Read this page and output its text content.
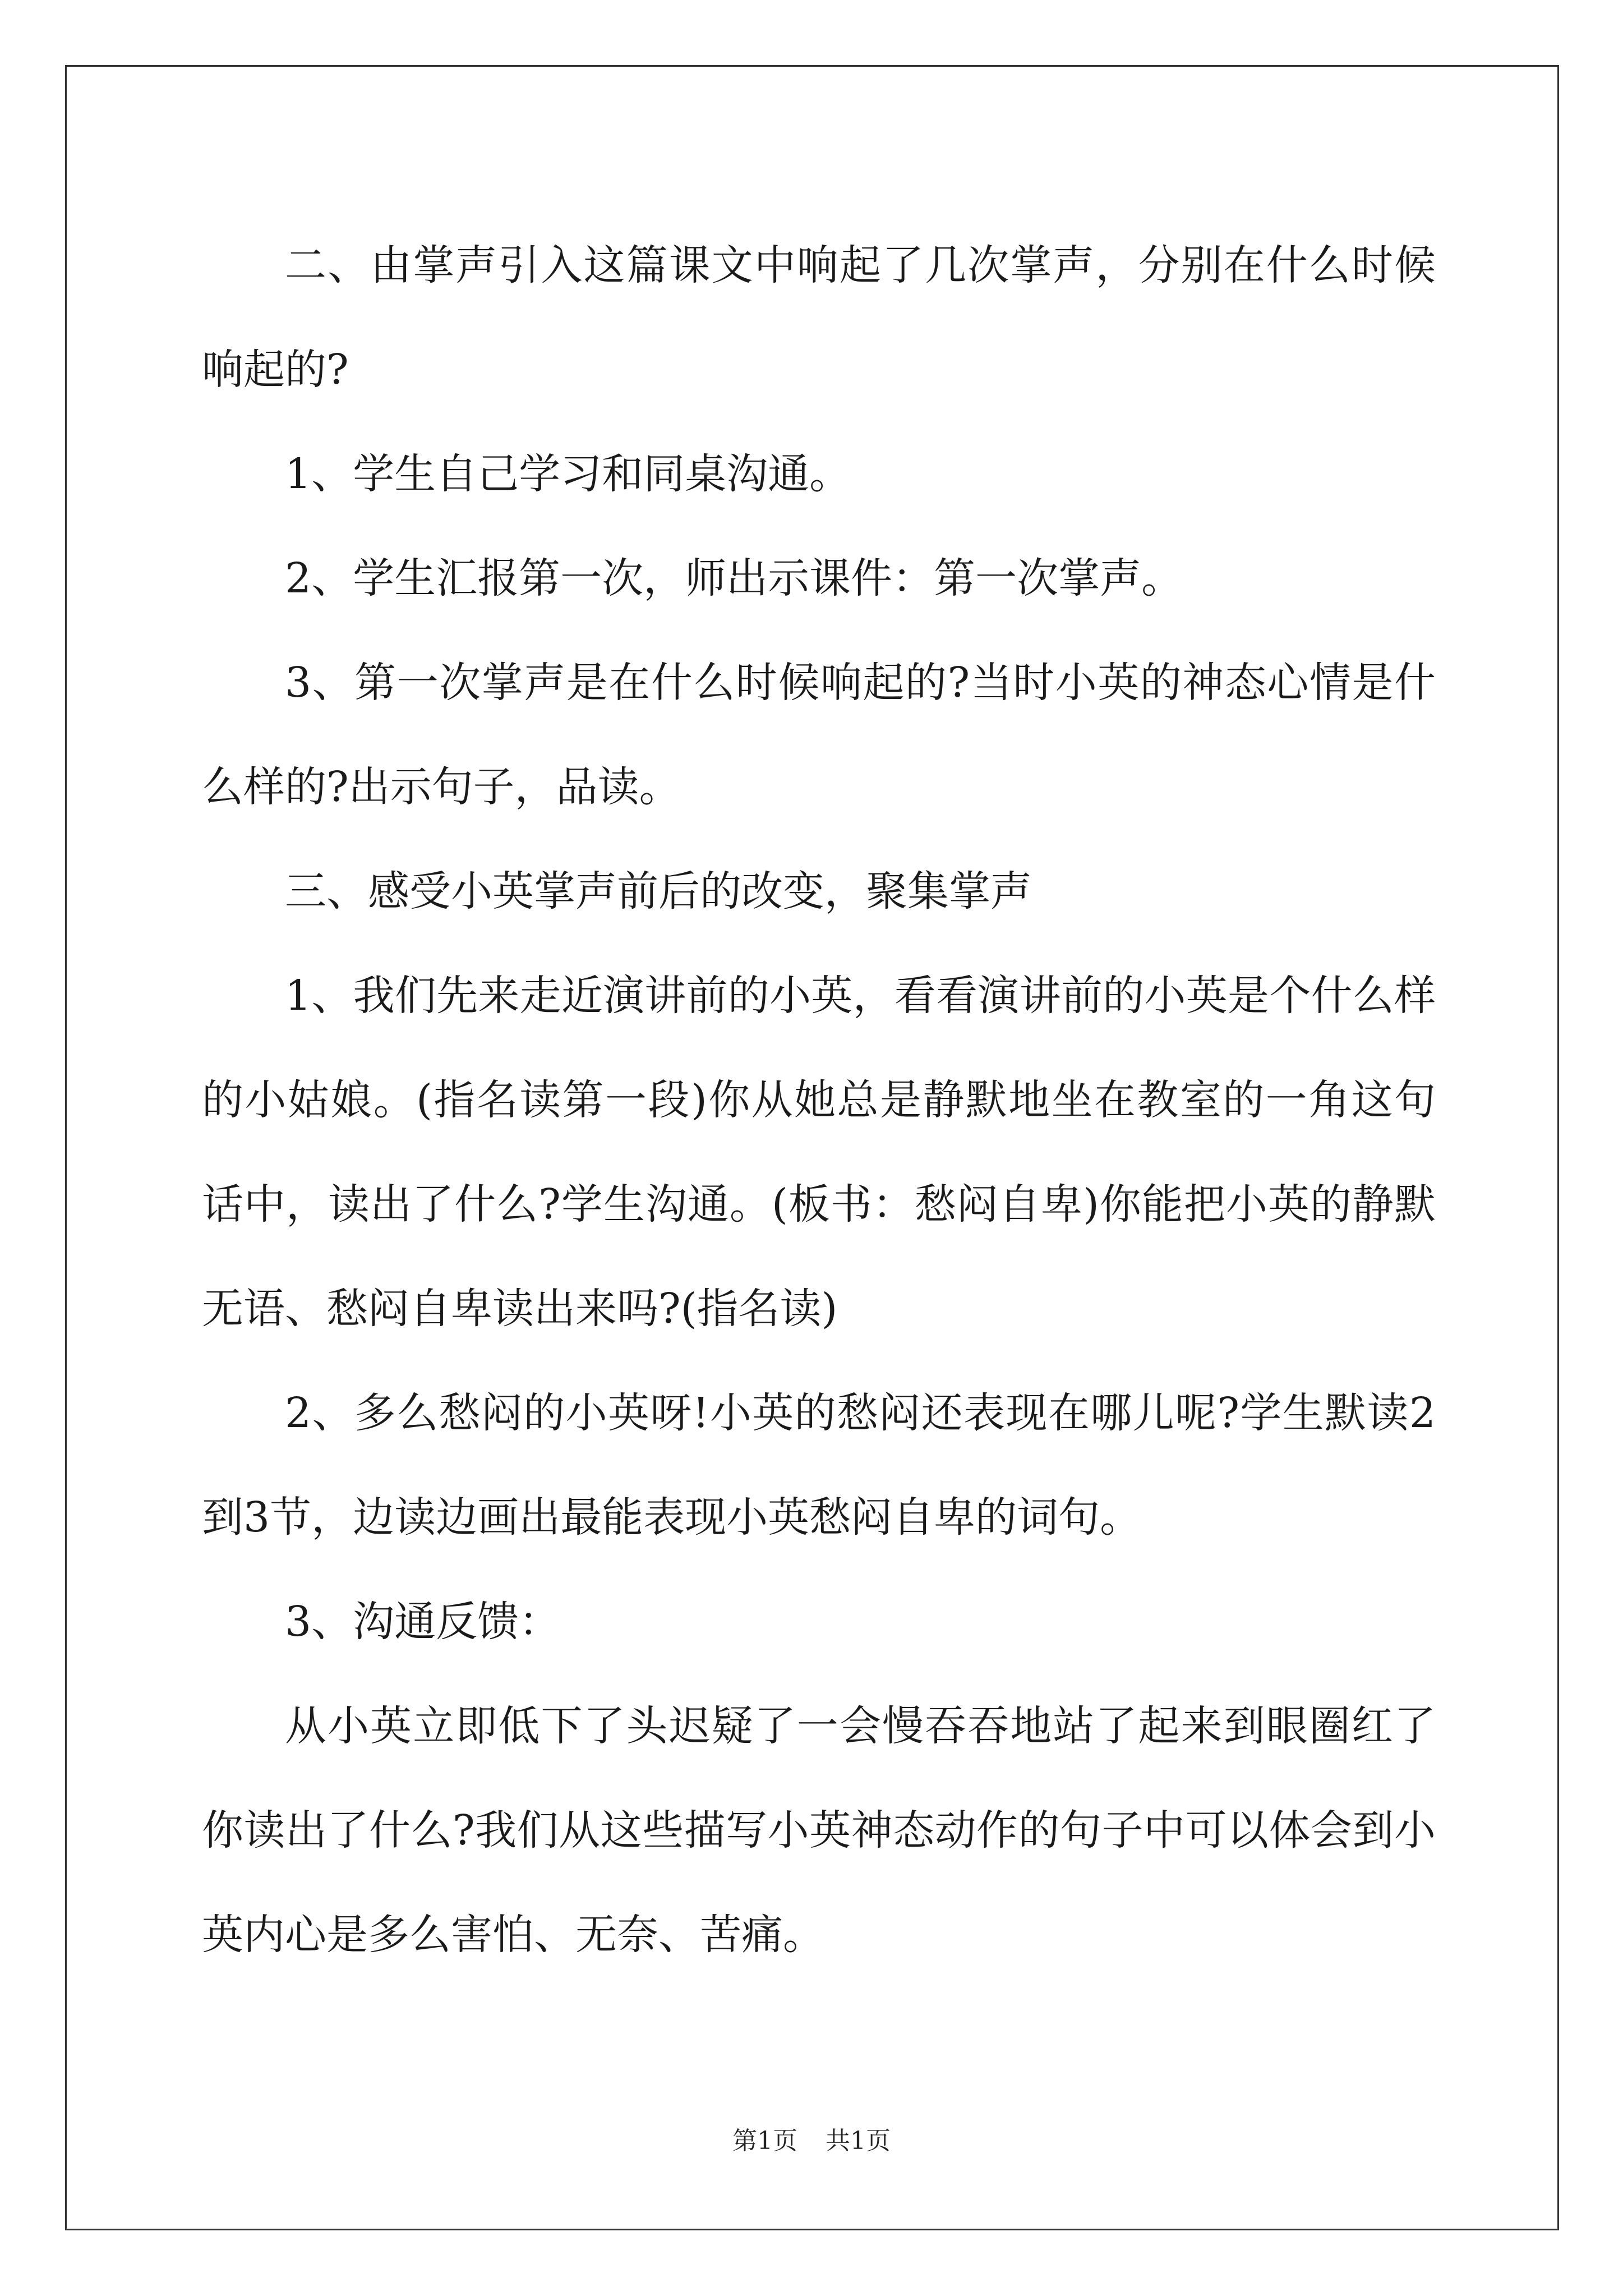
二、由掌声引入这篇课文中响起了几次掌声，分别在什么时候响起的?

1、学生自己学习和同桌沟通。

2、学生汇报第一次，师出示课件：第一次掌声。

3、第一次掌声是在什么时候响起的?当时小英的神态心情是什么样的?出示句子，品读。

三、感受小英掌声前后的改变，聚集掌声

1、我们先来走近演讲前的小英，看看演讲前的小英是个什么样的小姑娘。(指名读第一段)你从她总是静默地坐在教室的一角这句话中，读出了什么?学生沟通。(板书：愁闷自卑)你能把小英的静默无语、愁闷自卑读出来吗?(指名读)

2、多么愁闷的小英呀!小英的愁闷还表现在哪儿呢?学生默读2到3节，边读边画出最能表现小英愁闷自卑的词句。

3、沟通反馈：

从小英立即低下了头迟疑了一会慢吞吞地站了起来到眼圈红了你读出了什么?我们从这些描写小英神态动作的句子中可以体会到小英内心是多么害怕、无奈、苦痛。

第1页 共1页
